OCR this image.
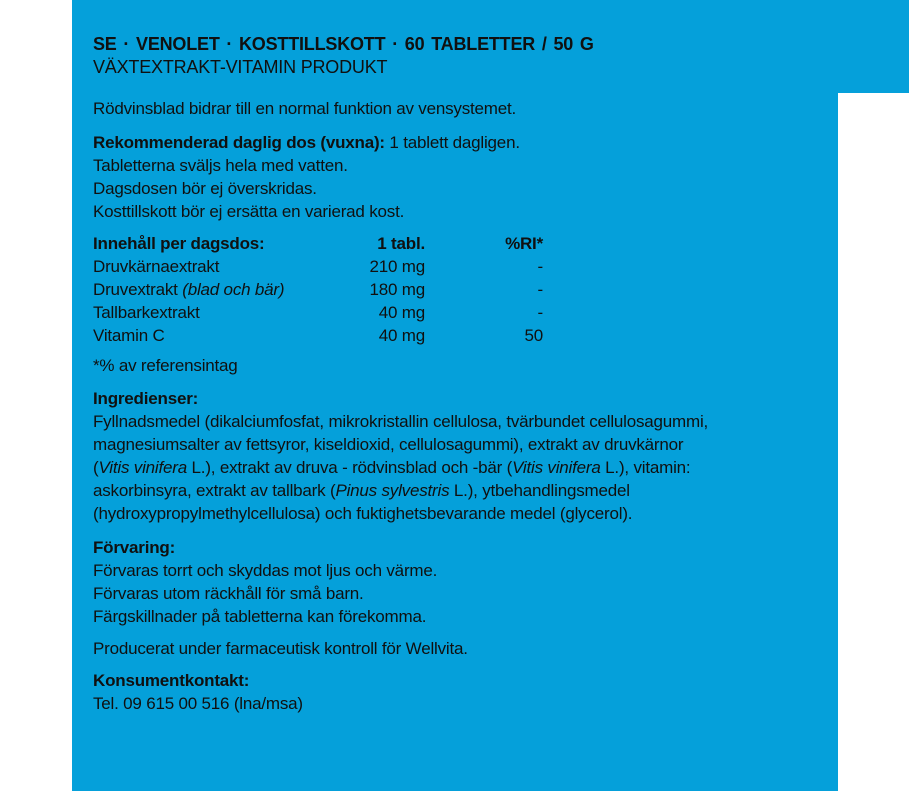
SE · VENOLET · KOSTTILLSKOTT · 60 TABLETTER / 50 G
VÄXTEXTRAKT-VITAMIN PRODUKT
Rödvinsblad bidrar till en normal funktion av vensystemet.
Rekommenderad daglig dos (vuxna): 1 tablett dagligen.
Tabletterna sväljs hela med vatten.
Dagsdosen bör ej överskridas.
Kosttillskott bör ej ersätta en varierad kost.
Innehåll per dagsdos:	1 tabl.	%RI*
Druvkärnaextrakt	210 mg	-
Druvextrakt (blad och bär)	180 mg	-
Tallbarkextrakt	40 mg	-
Vitamin C	40 mg	50
*% av referensintag
Ingredienser:
Fyllnadsmedel (dikalciumfosfat, mikrokristallin cellulosa, tvärbundet cellulosagummi,
magnesiumsalter av fettsyror, kiseldioxid, cellulosagummi), extrakt av druvkärnor
(Vitis vinifera L.), extrakt av druva - rödvinsblad och -bär (Vitis vinifera L.), vitamin:
askorbinsyra, extrakt av tallbark (Pinus sylvestris L.), ytbehandlingsmedel
(hydroxypropylmethylcellulosa) och fuktighetsbevarande medel (glycerol).
Förvaring:
Förvaras torrt och skyddas mot ljus och värme.
Förvaras utom räckhåll för små barn.
Färgskillnader på tabletterna kan förekomma.
Producerat under farmaceutisk kontroll för Wellvita.
Konsumentkontakt:
Tel. 09 615 00 516 (lna/msa)
